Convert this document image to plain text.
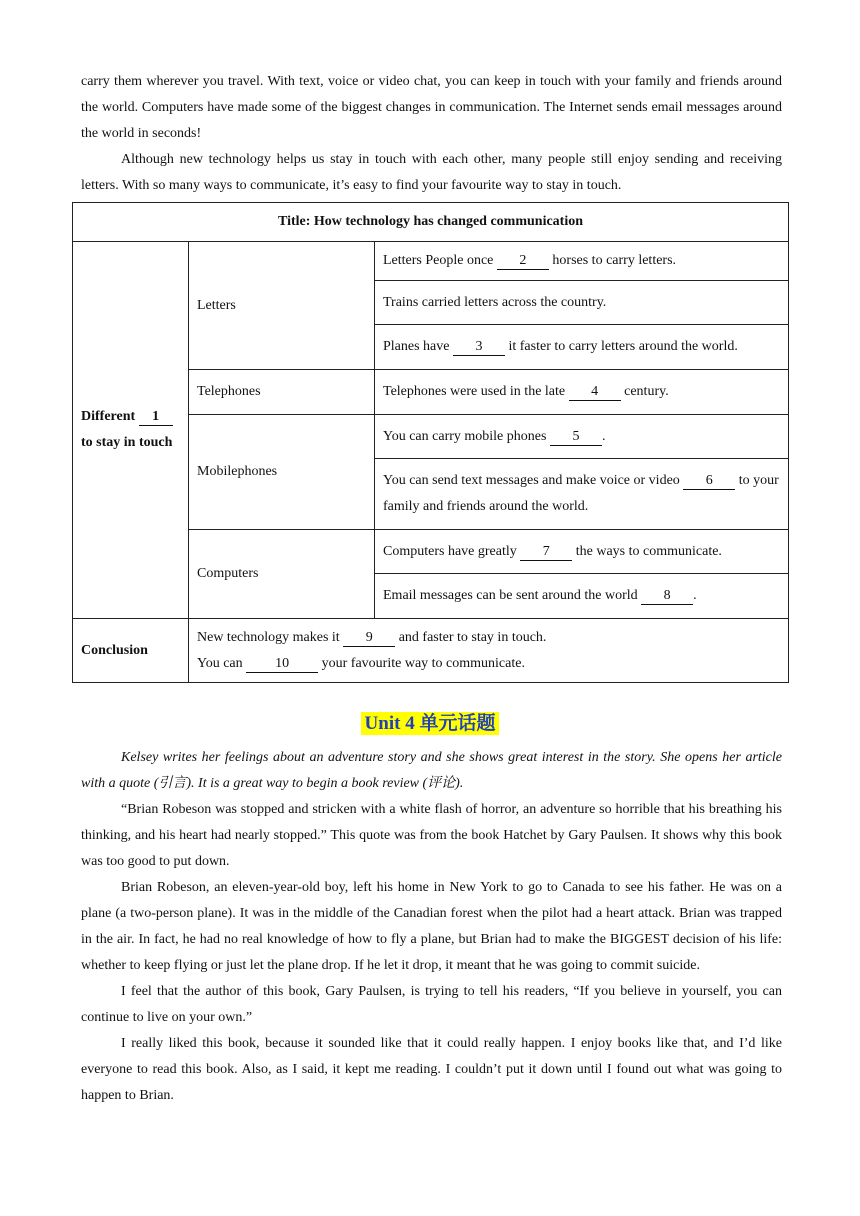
carry them wherever you travel. With text, voice or video chat, you can keep in touch with your family and friends around the world. Computers have made some of the biggest changes in communication. The Internet sends email messages around the world in seconds!

Although new technology helps us stay in touch with each other, many people still enjoy sending and receiving letters. With so many ways to communicate, it’s easy to find your favourite way to stay in touch.

Title: How technology has changed communication		
Different 1
to stay in touch	Letters	Letters People once 2 horses to carry letters.
		Trains carried letters across the country.
		Planes have 3 it faster to carry letters around the world.
	Telephones	Telephones were used in the late 4 century.
	Mobilephones	You can carry mobile phones 5 .
		You can send text messages and make voice or video 6 to your family and friends around the world.
	Computers	Computers have greatly 7 the ways to communicate.
		Email messages can be sent around the world 8 .
Conclusion	New technology makes it 9 and faster to stay in touch.
You can 10 your favourite way to communicate.	
Unit 4 单元话题

Kelsey writes her feelings about an adventure story and she shows great interest in the story. She opens her article with a quote (引言). It is a great way to begin a book review (评论).

“Brian Robeson was stopped and stricken with a white flash of horror, an adventure so horrible that his breathing his thinking, and his heart had nearly stopped.” This quote was from the book Hatchet by Gary Paulsen. It shows why this book was too good to put down.

Brian Robeson, an eleven-year-old boy, left his home in New York to go to Canada to see his father. He was on a plane (a two-person plane). It was in the middle of the Canadian forest when the pilot had a heart attack. Brian was trapped in the air. In fact, he had no real knowledge of how to fly a plane, but Brian had to make the BIGGEST decision of his life: whether to keep flying or just let the plane drop. If he let it drop, it meant that he was going to commit suicide.

I feel that the author of this book, Gary Paulsen, is trying to tell his readers, “If you believe in yourself, you can continue to live on your own.”

I really liked this book, because it sounded like that it could really happen. I enjoy books like that, and I’d like everyone to read this book. Also, as I said, it kept me reading. I couldn’t put it down until I found out what was going to happen to Brian.
